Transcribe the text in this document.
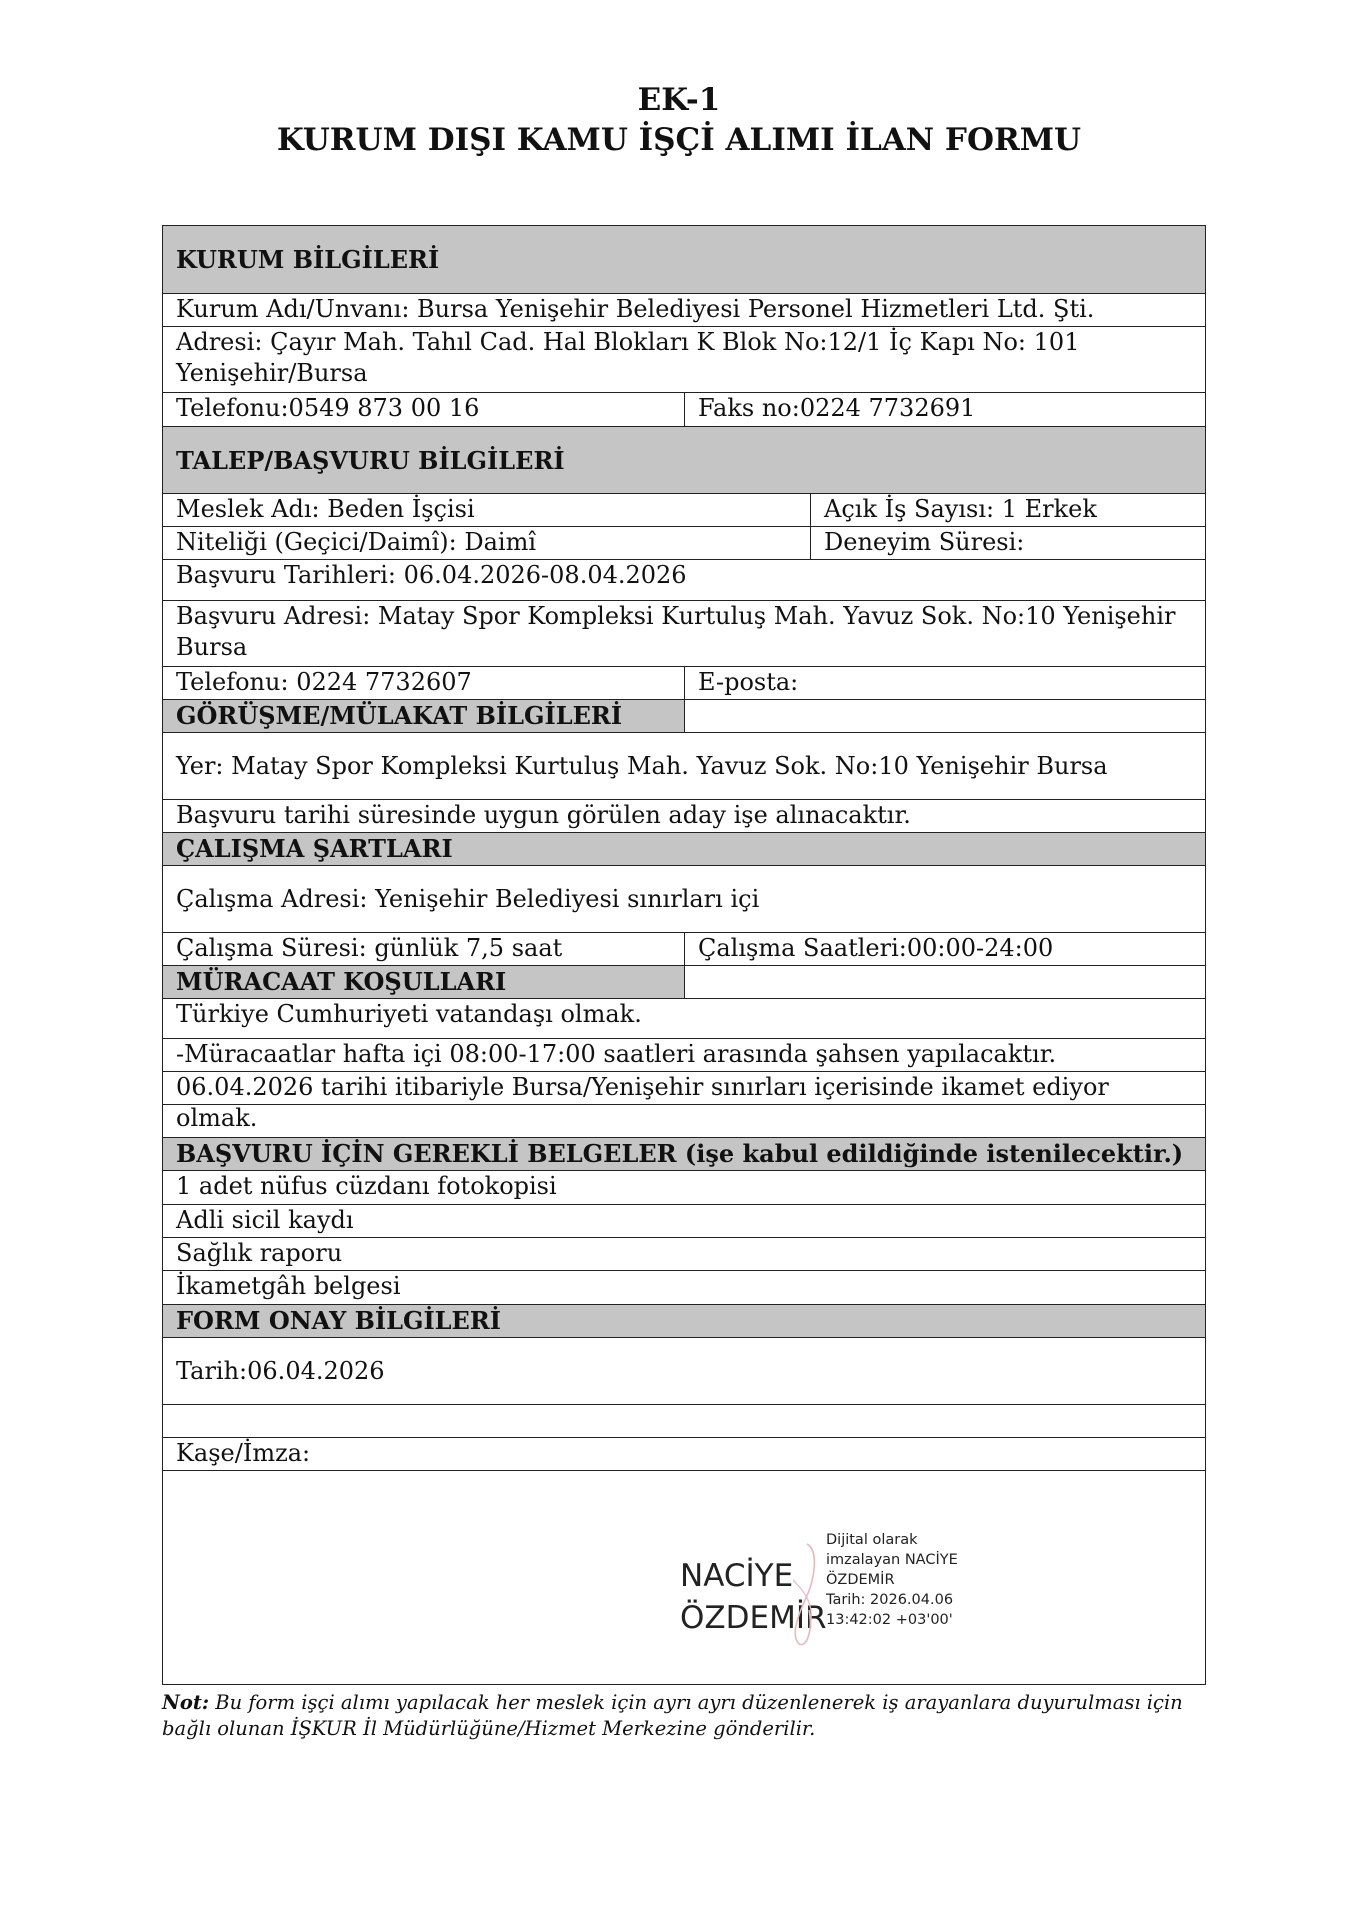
EK-1
KURUM DIŞI KAMU İŞÇİ ALIMI İLAN FORMU
KURUM BİLGİLERİ
Kurum Adı/Unvanı: Bursa Yenişehir Belediyesi Personel Hizmetleri Ltd. Şti.
Adresi: Çayır Mah. Tahıl Cad. Hal Blokları K Blok No:12/1 İç Kapı No: 101
Yenişehir/Bursa
Telefonu:0549 873 00 16	Faks no:0224 7732691
TALEP/BAŞVURU BİLGİLERİ
Meslek Adı: Beden İşçisi	Açık İş Sayısı: 1 Erkek
Niteliği (Geçici/Daimî): Daimî	Deneyim Süresi:
Başvuru Tarihleri: 06.04.2026-08.04.2026
Başvuru Adresi: Matay Spor Kompleksi Kurtuluş Mah. Yavuz Sok. No:10 Yenişehir
Bursa
Telefonu: 0224 7732607	E-posta:
GÖRÜŞME/MÜLAKAT BİLGİLERİ
Yer: Matay Spor Kompleksi Kurtuluş Mah. Yavuz Sok. No:10 Yenişehir Bursa
Başvuru tarihi süresinde uygun görülen aday işe alınacaktır.
ÇALIŞMA ŞARTLARI
Çalışma Adresi: Yenişehir Belediyesi sınırları içi
Çalışma Süresi: günlük 7,5 saat	Çalışma Saatleri:00:00-24:00
MÜRACAAT KOŞULLARI
Türkiye Cumhuriyeti vatandaşı olmak.
-Müracaatlar hafta içi 08:00-17:00 saatleri arasında şahsen yapılacaktır.
06.04.2026 tarihi itibariyle Bursa/Yenişehir sınırları içerisinde ikamet ediyor olmak.
BAŞVURU İÇİN GEREKLİ BELGELER (işe kabul edildiğinde istenilecektir.)
1 adet nüfus cüzdanı fotokopisi
Adli sicil kaydı
Sağlık raporu
İkametgâh belgesi
FORM ONAY BİLGİLERİ
Tarih:06.04.2026
Kaşe/İmza:
NACİYE
ÖZDEMİR
Dijital olarak
imzalayan NACİYE
ÖZDEMİR
Tarih: 2026.04.06
13:42:02 +03'00'
Not: Bu form işçi alımı yapılacak her meslek için ayrı ayrı düzenlenerek iş arayanlara duyurulması için bağlı olunan İŞKUR İl Müdürlüğüne/Hizmet Merkezine gönderilir.
